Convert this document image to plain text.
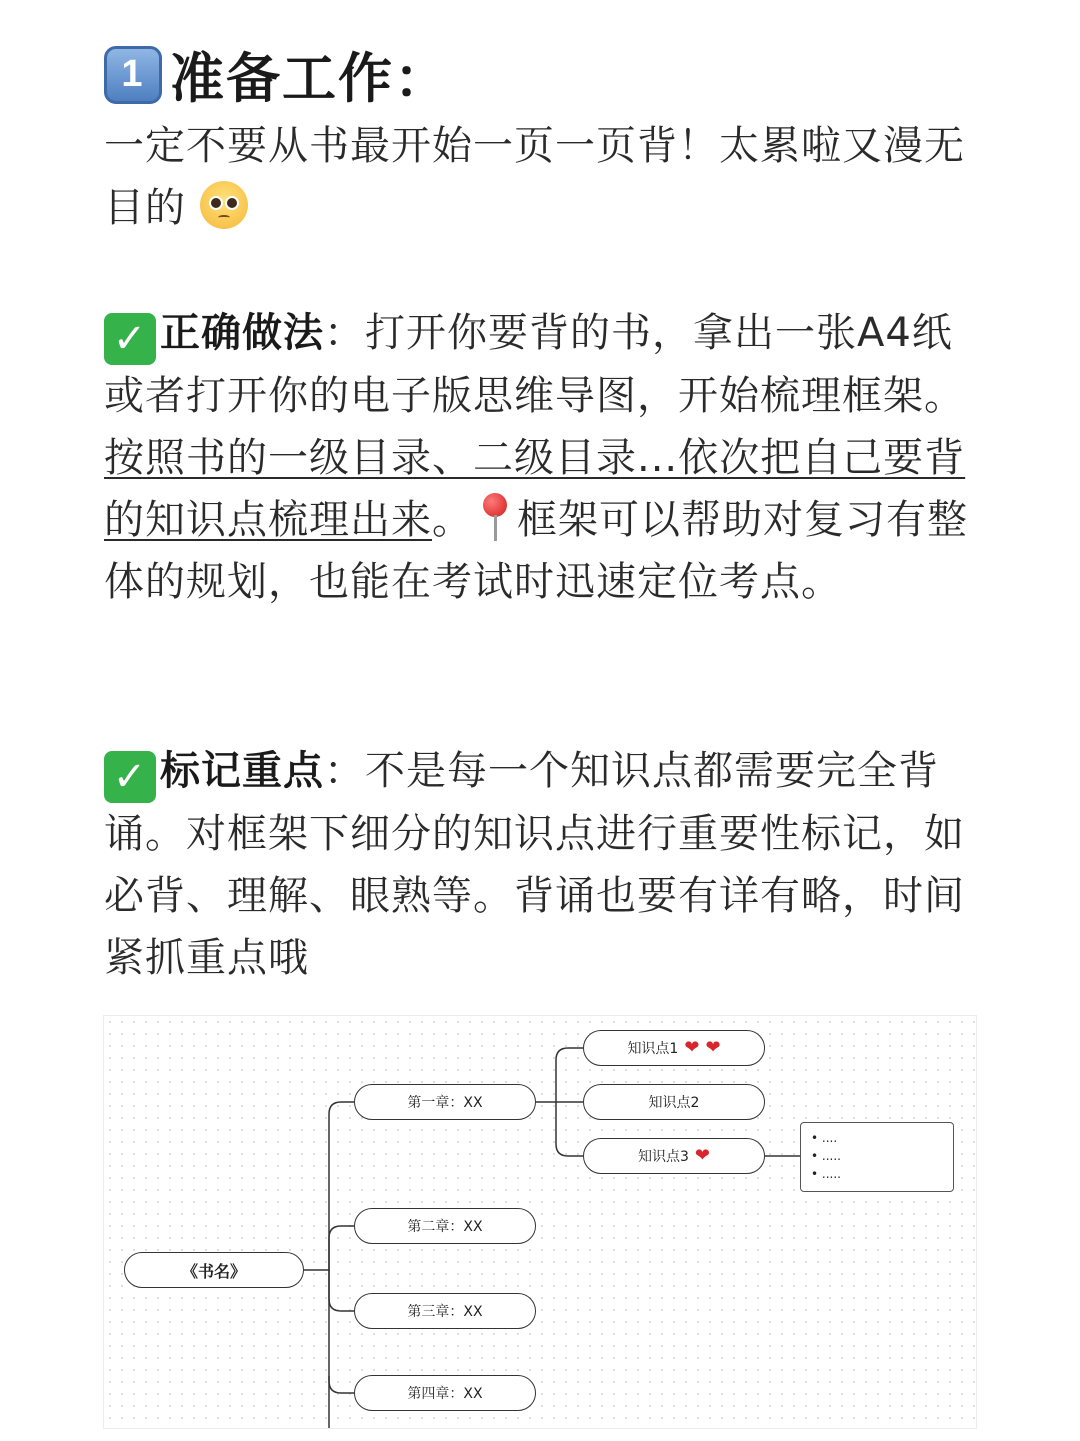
1 准备工作：
一定不要从书最开始一页一页背！太累啦又漫无目的
✓ 正确做法：打开你要背的书，拿出一张A4纸或者打开你的电子版思维导图，开始梳理框架。按照书的一级目录、二级目录...依次把自己要背的知识点梳理出来。 框架可以帮助对复习有整体的规划，也能在考试时迅速定位考点。
✓ 标记重点：不是每一个知识点都需要完全背诵。对框架下细分的知识点进行重要性标记，如必背、理解、眼熟等。背诵也要有详有略，时间紧抓重点哦
《书名》
第一章：XX
第二章：XX
第三章：XX
第四章：XX
知识点1 ❤ ❤
知识点2
知识点3 ❤
• ....
• .....
• .....
